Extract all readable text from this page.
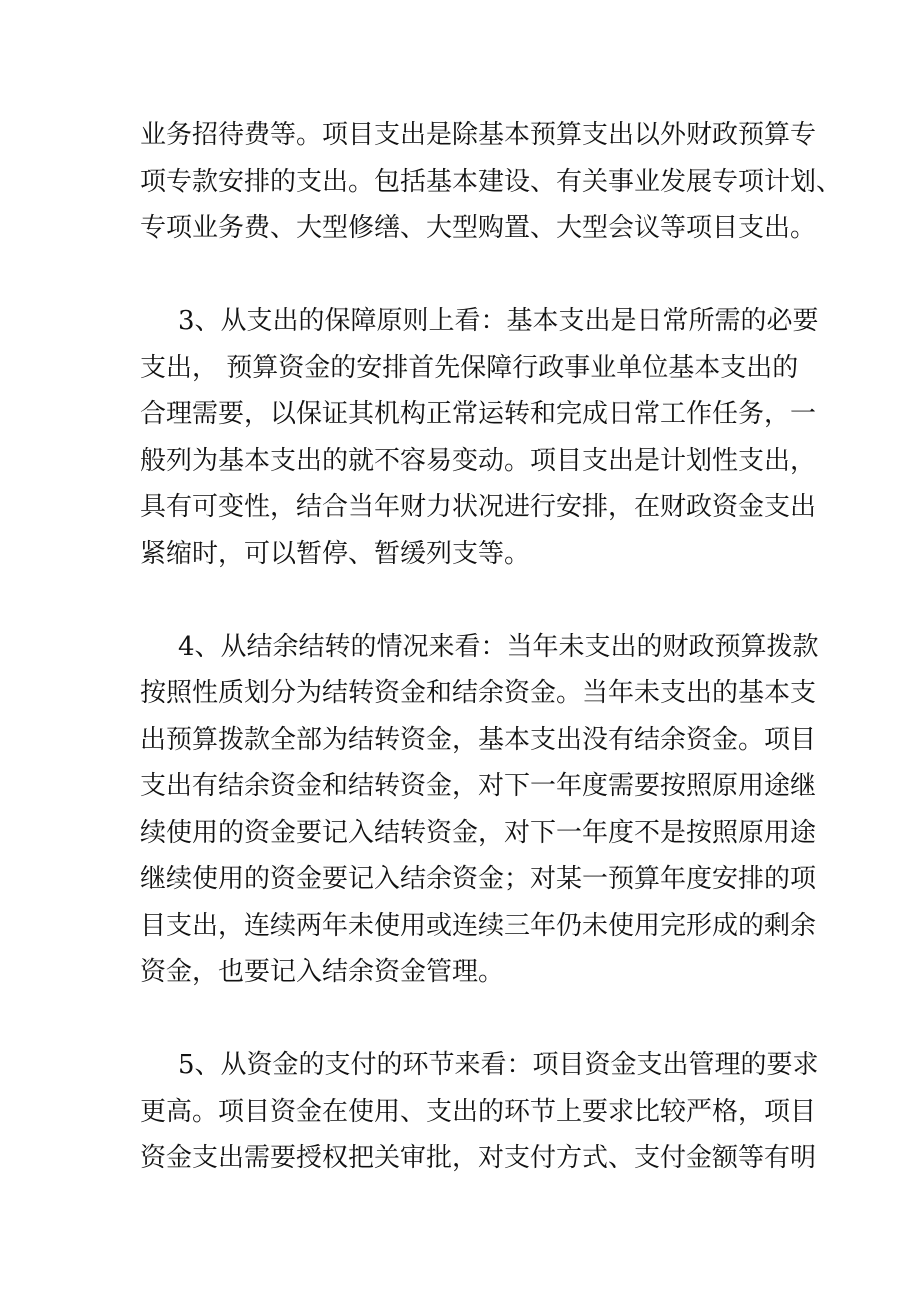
业务招待费等。项目支出是除基本预算支出以外财政预算专
项专款安排的支出。包括基本建设、有关事业发展专项计划、
专项业务费、大型修缮、大型购置、大型会议等项目支出。
3、从支出的保障原则上看：基本支出是日常所需的必要
支出， 预算资金的安排首先保障行政事业单位基本支出的
合理需要，以保证其机构正常运转和完成日常工作任务，一
般列为基本支出的就不容易变动。项目支出是计划性支出，
具有可变性，结合当年财力状况进行安排，在财政资金支出
紧缩时，可以暂停、暂缓列支等。
4、从结余结转的情况来看：当年未支出的财政预算拨款
按照性质划分为结转资金和结余资金。当年未支出的基本支
出预算拨款全部为结转资金，基本支出没有结余资金。项目
支出有结余资金和结转资金，对下一年度需要按照原用途继
续使用的资金要记入结转资金，对下一年度不是按照原用途
继续使用的资金要记入结余资金；对某一预算年度安排的项
目支出，连续两年未使用或连续三年仍未使用完形成的剩余
资金，也要记入结余资金管理。
5、从资金的支付的环节来看：项目资金支出管理的要求
更高。项目资金在使用、支出的环节上要求比较严格，项目
资金支出需要授权把关审批，对支付方式、支付金额等有明
